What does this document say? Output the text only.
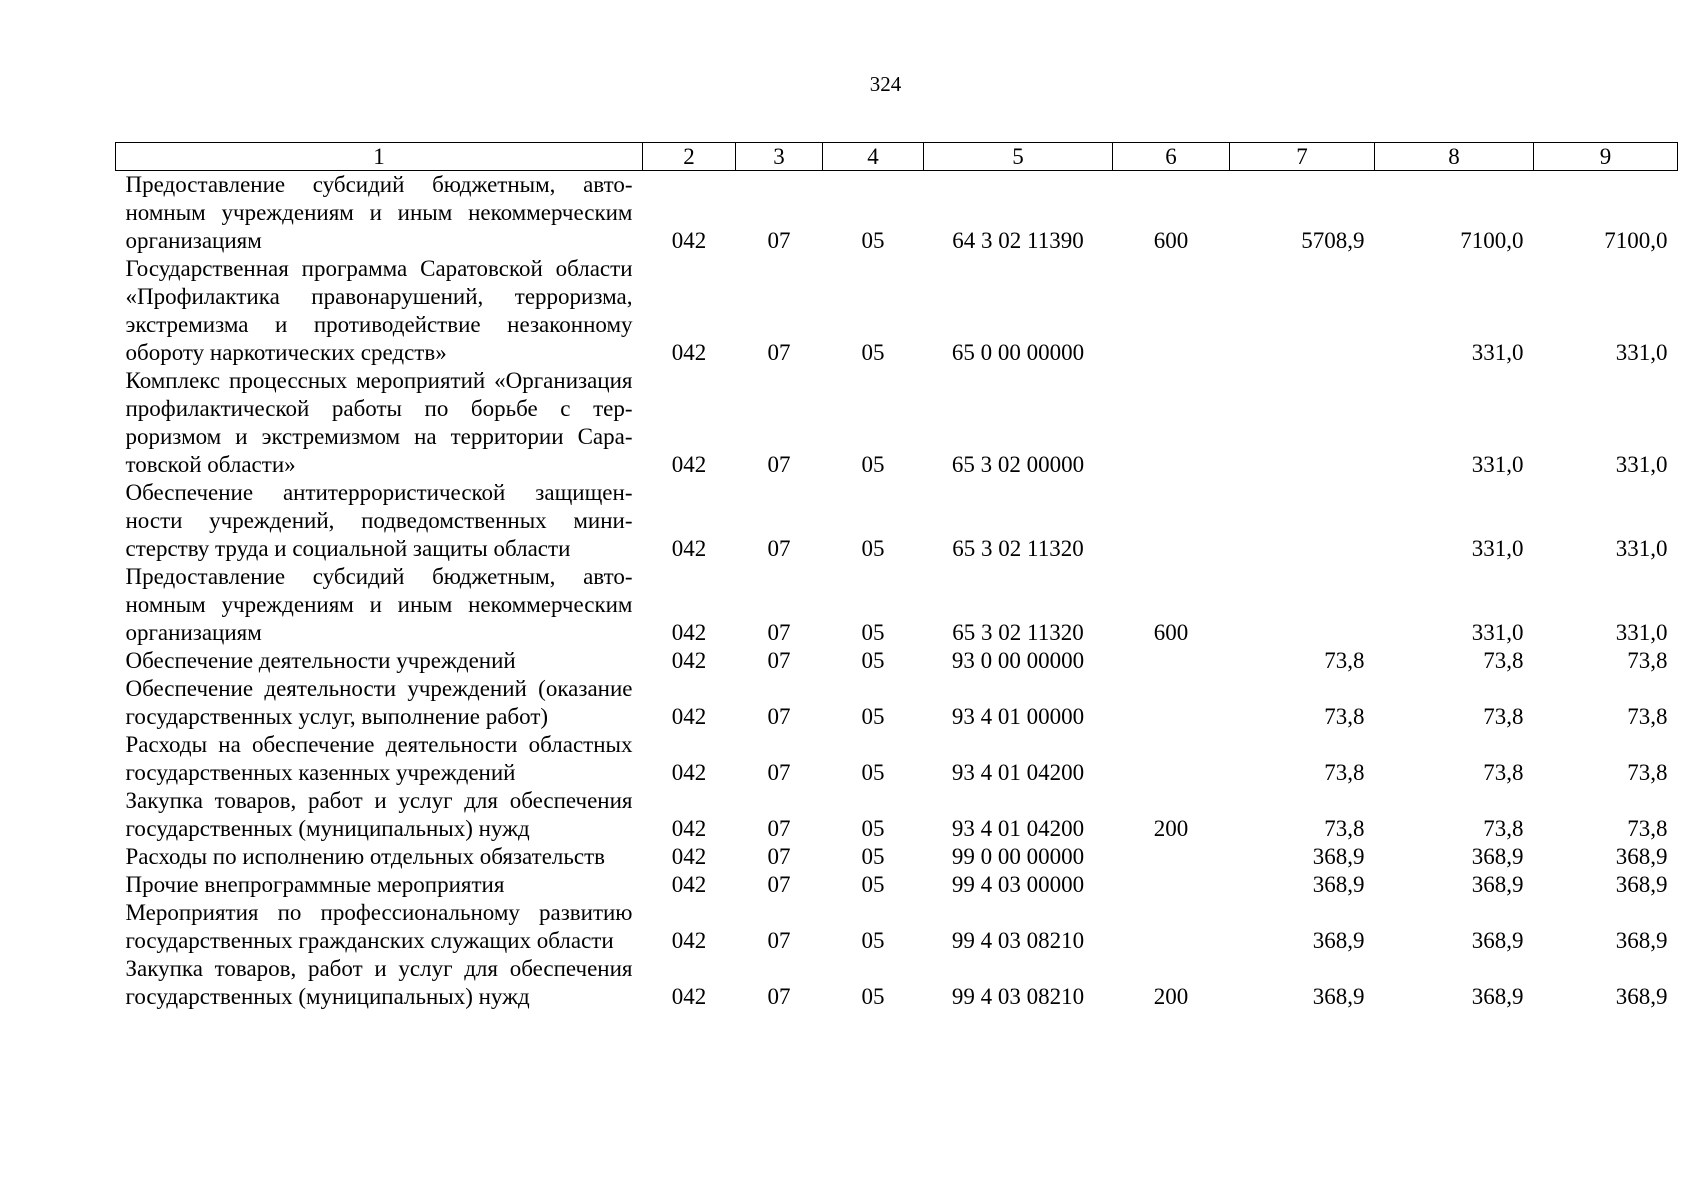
324
1	2	3	4	5	6	7	8	9
Предоставление субсидий бюджетным, автономным учреждениям и иным некоммерческим организациям	042	07	05	64 3 02 11390	600	5708,9	7100,0	7100,0
Государственная программа Саратовской области «Профилактика правонарушений, терроризма, экстремизма и противодействие незаконному обороту наркотических средств»	042	07	05	65 0 00 00000			331,0	331,0
Комплекс процессных мероприятий «Организация профилактической работы по борьбе с терроризмом и экстремизмом на территории Саратовской области»	042	07	05	65 3 02 00000			331,0	331,0
Обеспечение антитеррористической защищенности учреждений, подведомственных министерству труда и социальной защиты области	042	07	05	65 3 02 11320			331,0	331,0
Предоставление субсидий бюджетным, автономным учреждениям и иным некоммерческим организациям	042	07	05	65 3 02 11320	600		331,0	331,0
Обеспечение деятельности учреждений	042	07	05	93 0 00 00000		73,8	73,8	73,8
Обеспечение деятельности учреждений (оказание государственных услуг, выполнение работ)	042	07	05	93 4 01 00000		73,8	73,8	73,8
Расходы на обеспечение деятельности областных государственных казенных учреждений	042	07	05	93 4 01 04200		73,8	73,8	73,8
Закупка товаров, работ и услуг для обеспечения государственных (муниципальных) нужд	042	07	05	93 4 01 04200	200	73,8	73,8	73,8
Расходы по исполнению отдельных обязательств	042	07	05	99 0 00 00000		368,9	368,9	368,9
Прочие внепрограммные мероприятия	042	07	05	99 4 03 00000		368,9	368,9	368,9
Мероприятия по профессиональному развитию государственных гражданских служащих области	042	07	05	99 4 03 08210		368,9	368,9	368,9
Закупка товаров, работ и услуг для обеспечения государственных (муниципальных) нужд	042	07	05	99 4 03 08210	200	368,9	368,9	368,9
